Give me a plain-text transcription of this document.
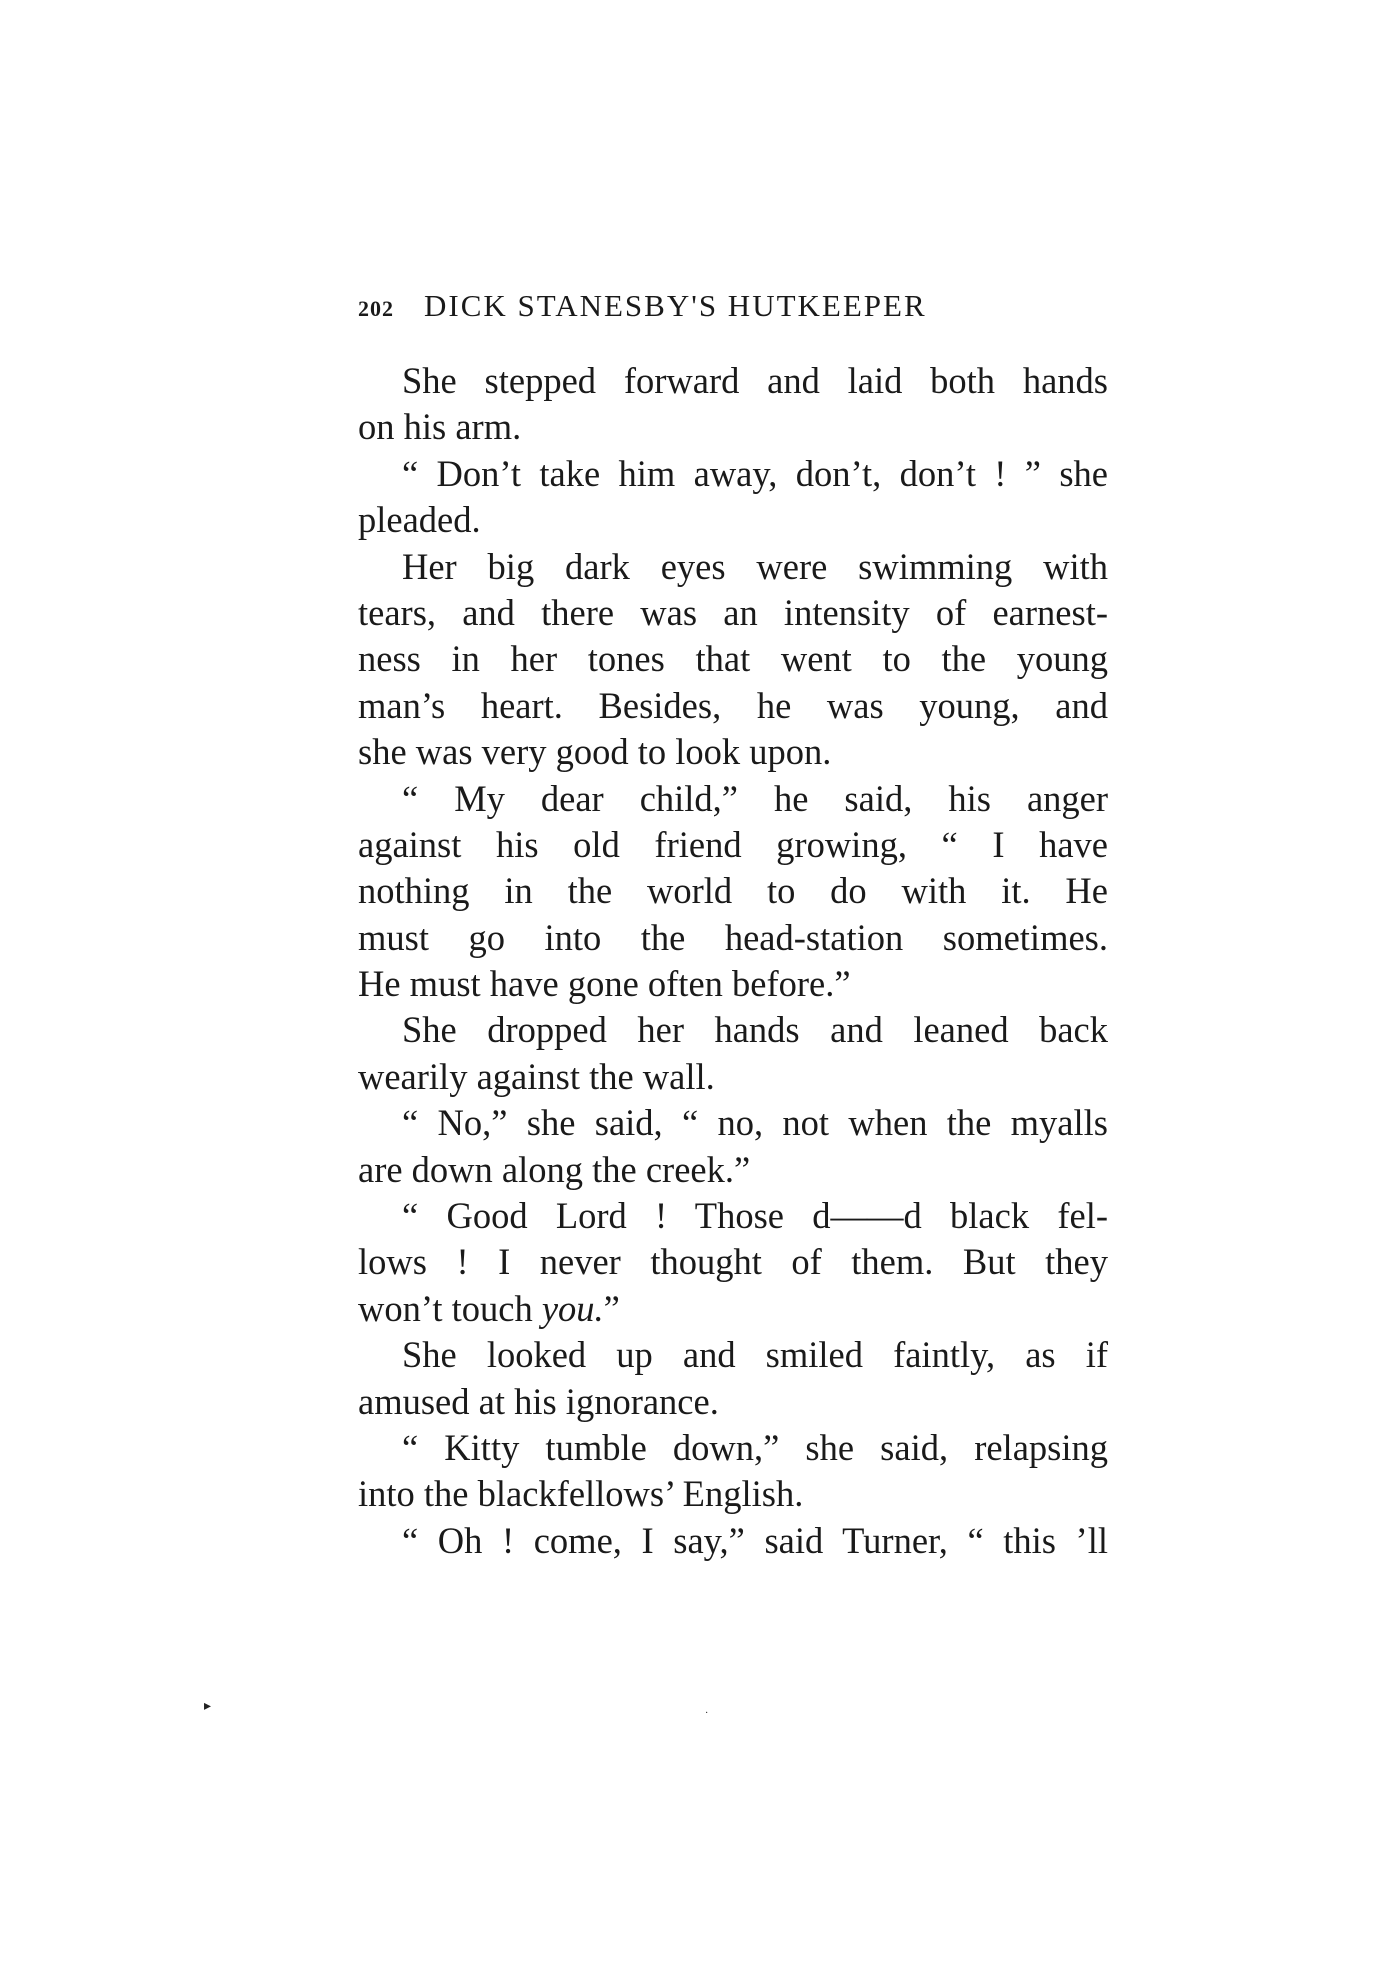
202 DICK STANESBY'S HUTKEEPER
She stepped forward and laid both hands
on his arm.
“ Don’t take him away, don’t, don’t ! ” she
pleaded.
Her big dark eyes were swimming with
tears, and there was an intensity of earnest-
ness in her tones that went to the young
man’s heart. Besides, he was young, and
she was very good to look upon.
“ My dear child,” he said, his anger
against his old friend growing, “ I have
nothing in the world to do with it. He
must go into the head-station sometimes.
He must have gone often before.”
She dropped her hands and leaned back
wearily against the wall.
“ No,” she said, “ no, not when the myalls
are down along the creek.”
“ Good Lord ! Those d——d black fel-
lows ! I never thought of them. But they
won’t touch you.”
She looked up and smiled faintly, as if
amused at his ignorance.
“ Kitty tumble down,” she said, relapsing
into the blackfellows’ English.
“ Oh ! come, I say,” said Turner, “ this ’ll
▸	·
